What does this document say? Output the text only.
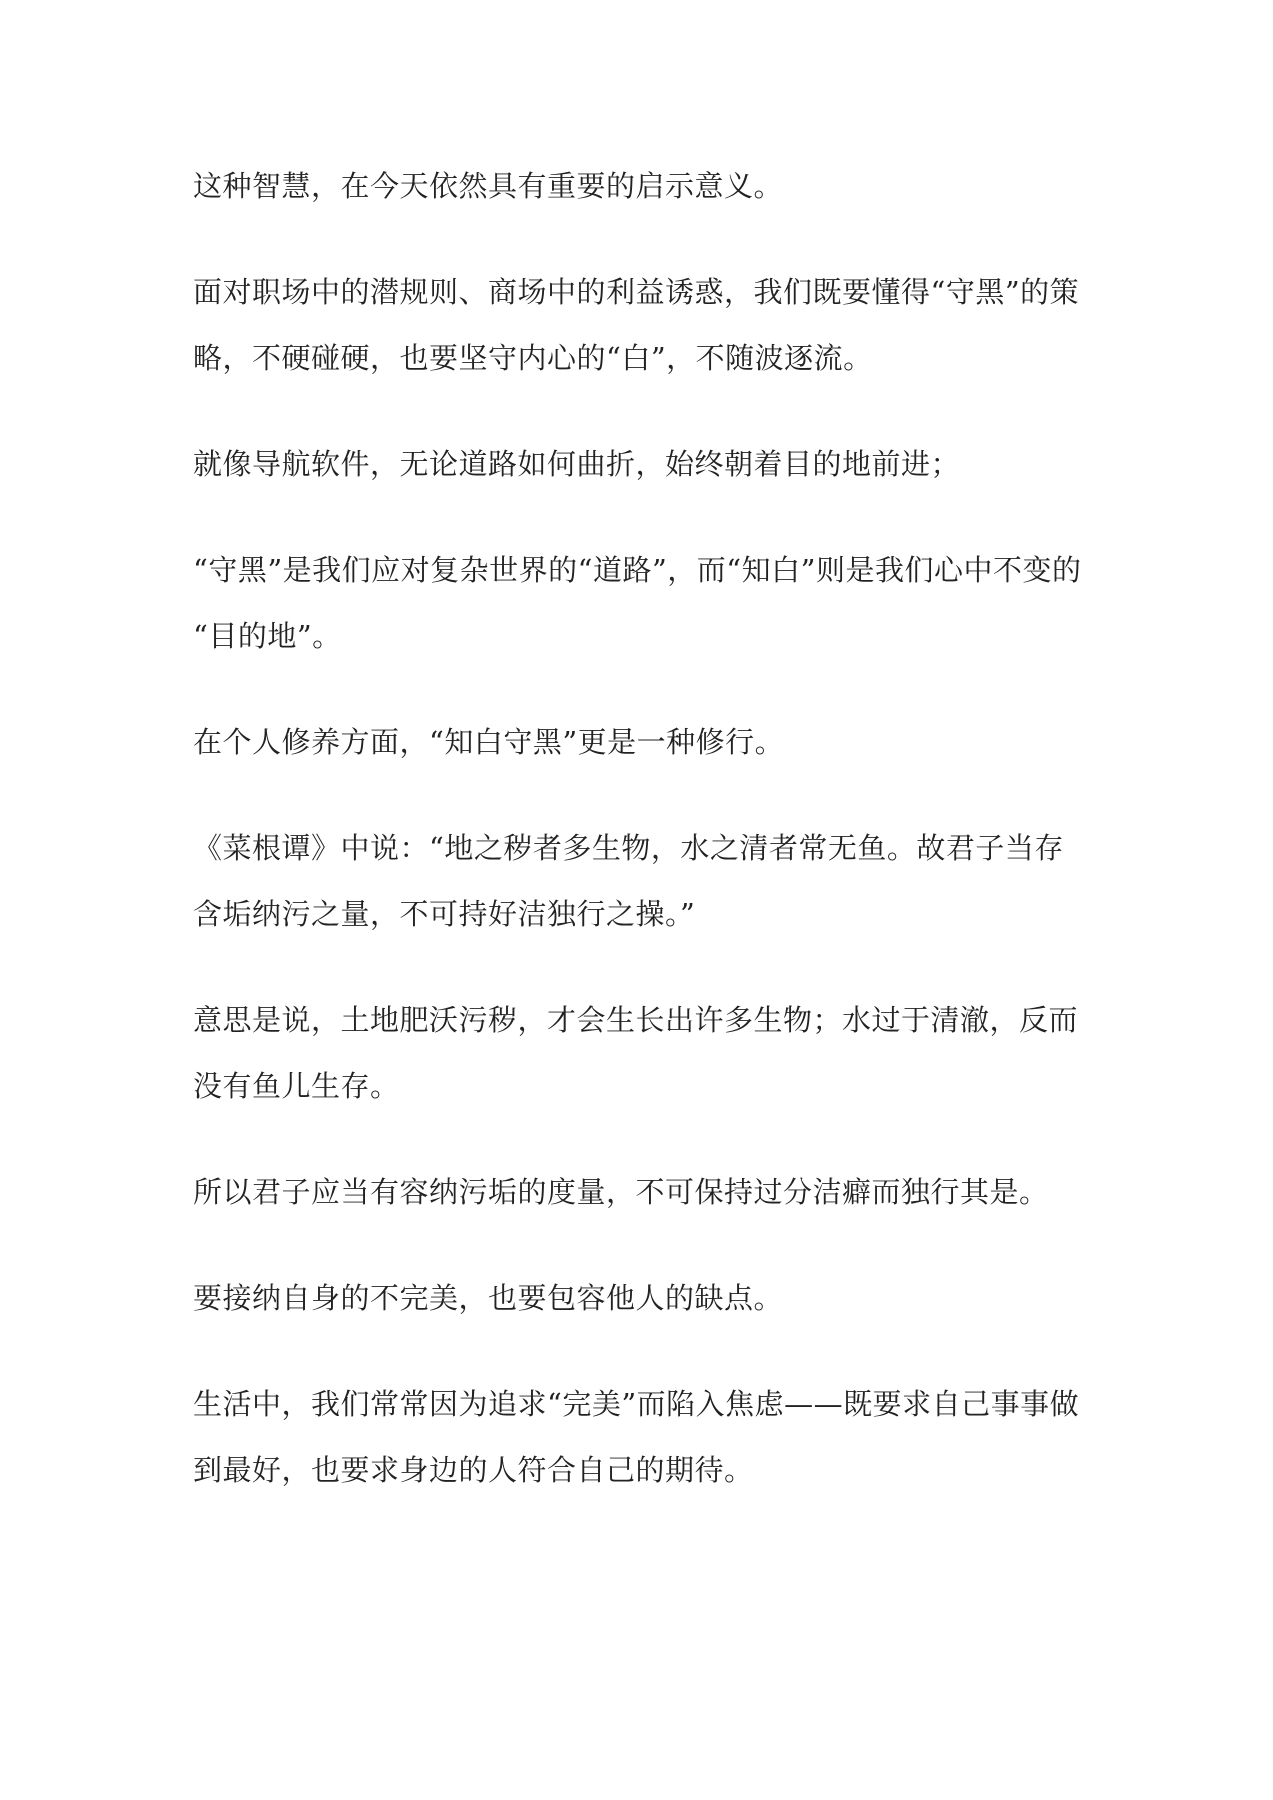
这种智慧，在今天依然具有重要的启示意义。
面对职场中的潜规则、商场中的利益诱惑，我们既要懂得“守黑”的策
略，不硬碰硬，也要坚守内心的“白”，不随波逐流。
就像导航软件，无论道路如何曲折，始终朝着目的地前进；
“守黑”是我们应对复杂世界的“道路”，而“知白”则是我们心中不变的
“目的地”。
在个人修养方面，“知白守黑”更是一种修行。
《菜根谭》中说：“地之秽者多生物，水之清者常无鱼。故君子当存
含垢纳污之量，不可持好洁独行之操。”
意思是说，土地肥沃污秽，才会生长出许多生物；水过于清澈，反而
没有鱼儿生存。
所以君子应当有容纳污垢的度量，不可保持过分洁癖而独行其是。
要接纳自身的不完美，也要包容他人的缺点。
生活中，我们常常因为追求“完美”而陷入焦虑——既要求自己事事做
到最好，也要求身边的人符合自己的期待。
